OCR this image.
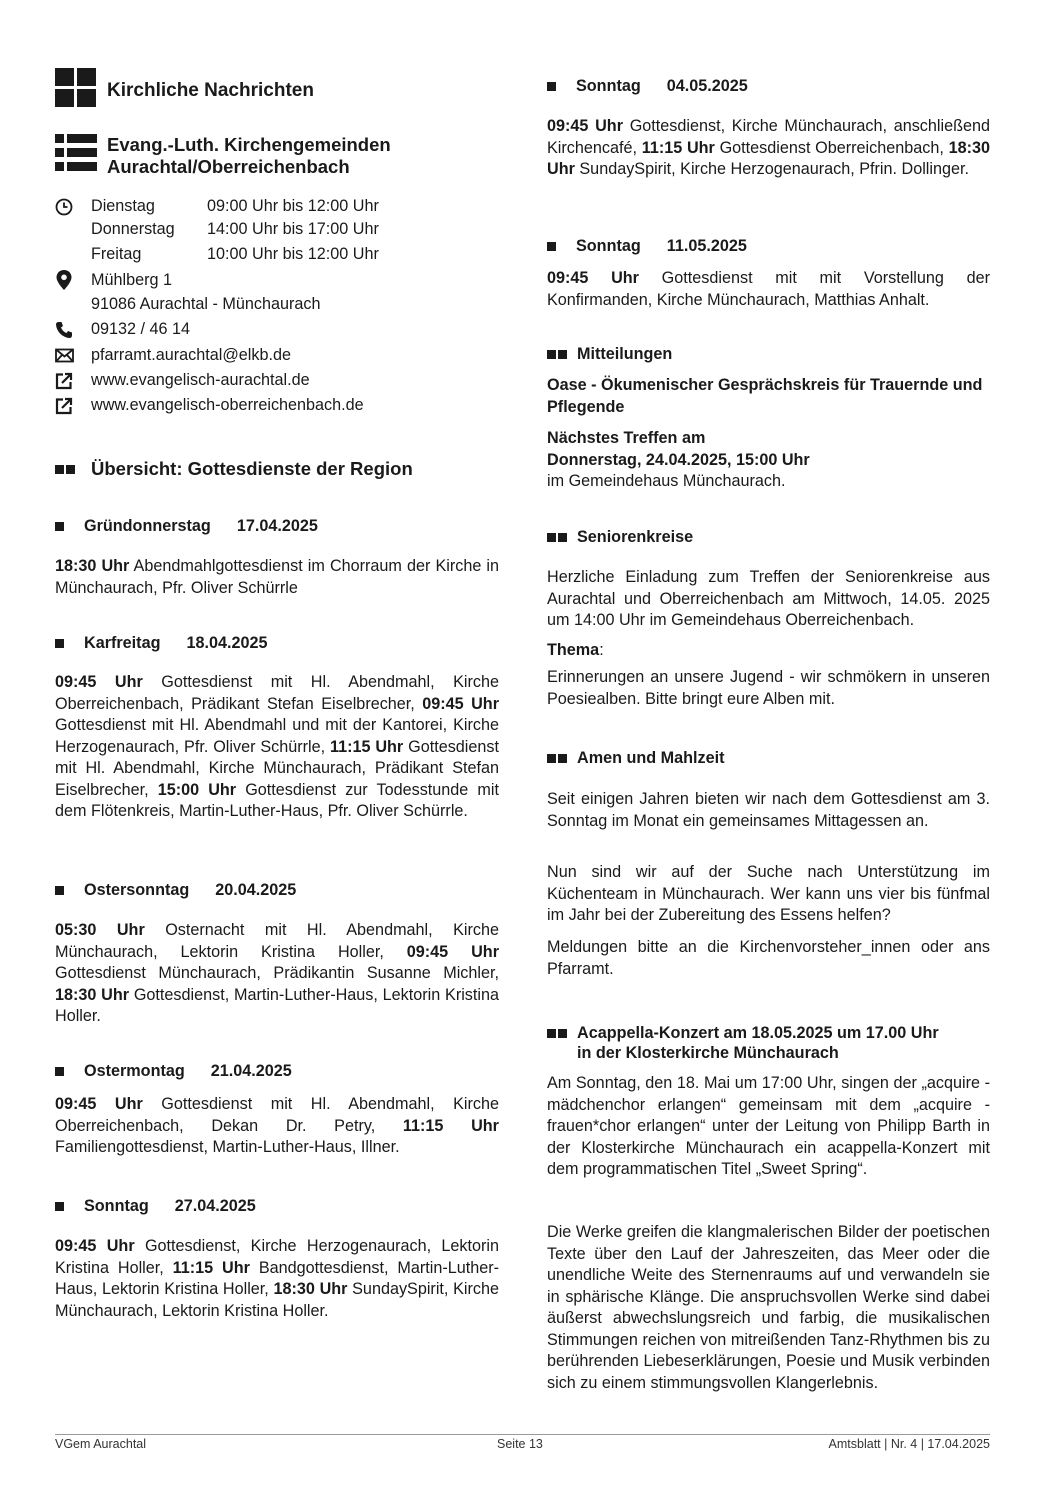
Kirchliche Nachrichten
Evang.-Luth. Kirchengemeinden
Aurachtal/Oberreichenbach
Dienstag	09:00 Uhr bis 12:00 Uhr
Donnerstag	14:00 Uhr bis 17:00 Uhr
Freitag	10:00 Uhr bis 12:00 Uhr
Mühlberg 1
91086 Aurachtal - Münchaurach
09132 / 46 14
pfarramt.aurachtal@elkb.de
www.evangelisch-aurachtal.de
www.evangelisch-oberreichenbach.de
Übersicht: Gottesdienste der Region
Gründonnerstag 17.04.2025

18:30 Uhr Abendmahlgottesdienst im Chorraum der Kirche in Münchaurach, Pfr. Oliver Schürrle

Karfreitag 18.04.2025

09:45 Uhr Gottesdienst mit Hl. Abendmahl, Kirche Oberreichenbach, Prädikant Stefan Eiselbrecher, 09:45 Uhr Gottesdienst mit Hl. Abendmahl und mit der Kantorei, Kirche Herzogenaurach, Pfr. Oliver Schürrle, 11:15 Uhr Gottesdienst mit Hl. Abendmahl, Kirche Münchaurach, Prädikant Stefan Eiselbrecher, 15:00 Uhr Gottesdienst zur Todesstunde mit dem Flötenkreis, Martin-Luther-Haus, Pfr. Oliver Schürrle.

Ostersonntag 20.04.2025

05:30 Uhr Osternacht mit Hl. Abendmahl, Kirche Münchaurach, Lektorin Kristina Holler, 09:45 Uhr Gottesdienst Münchaurach, Prädikantin Susanne Michler, 18:30 Uhr Gottesdienst, Martin-Luther-Haus, Lektorin Kristina Holler.

Ostermontag 21.04.2025

09:45 Uhr Gottesdienst mit Hl. Abendmahl, Kirche Oberreichenbach, Dekan Dr. Petry, 11:15 Uhr Familiengottesdienst, Martin-Luther-Haus, Illner.

Sonntag 27.04.2025

09:45 Uhr Gottesdienst, Kirche Herzogenaurach, Lektorin Kristina Holler, 11:15 Uhr Bandgottesdienst, Martin-Luther-Haus, Lektorin Kristina Holler, 18:30 Uhr SundaySpirit, Kirche Münchaurach, Lektorin Kristina Holler.

Sonntag 04.05.2025

09:45 Uhr Gottesdienst, Kirche Münchaurach, anschließend Kirchencafé, 11:15 Uhr Gottesdienst Oberreichenbach, 18:30 Uhr SundaySpirit, Kirche Herzogenaurach, Pfrin. Dollinger.

Sonntag 11.05.2025

09:45 Uhr Gottesdienst mit mit Vorstellung der Konfirmanden, Kirche Münchaurach, Matthias Anhalt.

Mitteilungen

Oase - Ökumenischer Gesprächskreis für Trauernde und Pflegende

Nächstes Treffen am

Donnerstag, 24.04.2025, 15:00 Uhr

im Gemeindehaus Münchaurach.

Seniorenkreise

Herzliche Einladung zum Treffen der Seniorenkreise aus Aurachtal und Oberreichenbach am Mittwoch, 14.05. 2025 um 14:00 Uhr im Gemeindehaus Oberreichenbach.

Thema:

Erinnerungen an unsere Jugend - wir schmökern in unseren Poesiealben. Bitte bringt eure Alben mit.

Amen und Mahlzeit

Seit einigen Jahren bieten wir nach dem Gottesdienst am 3. Sonntag im Monat ein gemeinsames Mittagessen an.

Nun sind wir auf der Suche nach Unterstützung im Küchenteam in Münchaurach. Wer kann uns vier bis fünfmal im Jahr bei der Zubereitung des Essens helfen?

Meldungen bitte an die Kirchenvorsteher_innen oder ans Pfarramt.

Acappella-Konzert am 18.05.2025 um 17.00 Uhr
in der Klosterkirche Münchaurach

Am Sonntag, den 18. Mai um 17:00 Uhr, singen der „acquire - mädchenchor erlangen“ gemeinsam mit dem „acquire - frauen*chor erlangen“ unter der Leitung von Philipp Barth in der Klosterkirche Münchaurach ein acappella-Konzert mit dem programmatischen Titel „Sweet Spring“.

Die Werke greifen die klangmalerischen Bilder der poetischen Texte über den Lauf der Jahreszeiten, das Meer oder die unendliche Weite des Sternenraums auf und verwandeln sie in sphärische Klänge. Die anspruchsvollen Werke sind dabei äußerst abwechslungsreich und farbig, die musikalischen Stimmungen reichen von mitreißenden Tanz-Rhythmen bis zu berührenden Liebeserklärungen, Poesie und Musik verbinden sich zu einem stimmungsvollen Klangerlebnis.

VGem Aurachtal	Seite 13	Amtsblatt | Nr. 4 | 17.04.2025
